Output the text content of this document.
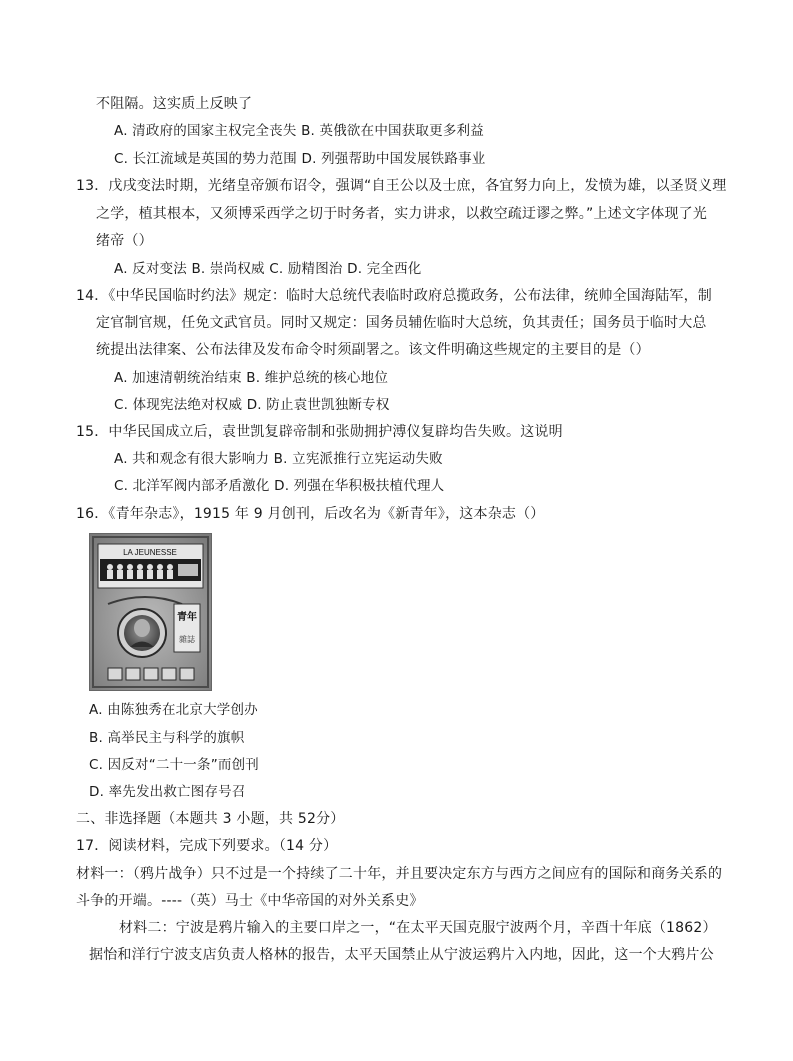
不阻隔。这实质上反映了
A. 清政府的国家主权完全丧失 B. 英俄欲在中国获取更多利益
C. 长江流域是英国的势力范围 D. 列强帮助中国发展铁路事业
13．戊戌变法时期，光绪皇帝颁布诏令，强调“自王公以及士庶，各宜努力向上，发愤为雄，以圣贤义理
之学，植其根本，又须博采西学之切于时务者，实力讲求，以救空疏迂谬之弊。”上述文字体现了光
绪帝（）
A. 反对变法 B. 崇尚权威 C. 励精图治 D. 完全西化
14．《中华民国临时约法》规定：临时大总统代表临时政府总揽政务，公布法律，统帅全国海陆军，制
定官制官规，任免文武官员。同时又规定：国务员辅佐临时大总统，负其责任；国务员于临时大总
统提出法律案、公布法律及发布命令时须副署之。该文件明确这些规定的主要目的是（）
A. 加速清朝统治结束 B. 维护总统的核心地位
C. 体现宪法绝对权威 D. 防止袁世凯独断专权
15．中华民国成立后，袁世凯复辟帝制和张勋拥护溥仪复辟均告失败。这说明
A. 共和观念有很大影响力 B. 立宪派推行立宪运动失败
C. 北洋军阀内部矛盾激化 D. 列强在华积极扶植代理人
16．《青年杂志》，1915 年 9 月创刊，后改名为《新青年》，这本杂志（）
LA JEUNESSE
青年
雜誌
A. 由陈独秀在北京大学创办
B. 高举民主与科学的旗帜
C. 因反对“二十一条”而创刊
D. 率先发出救亡图存号召
二、非选择题（本题共 3 小题，共 52分）
17．阅读材料，完成下列要求。（14 分）
材料一：（鸦片战争）只不过是一个持续了二十年，并且要决定东方与西方之间应有的国际和商务关系的
斗争的开端。----（英）马士《中华帝国的对外关系史》
材料二：宁波是鸦片输入的主要口岸之一，“在太平天国克服宁波两个月，辛酉十年底（1862）
据怡和洋行宁波支店负责人格林的报告，太平天国禁止从宁波运鸦片入内地，因此，这一个大鸦片公
